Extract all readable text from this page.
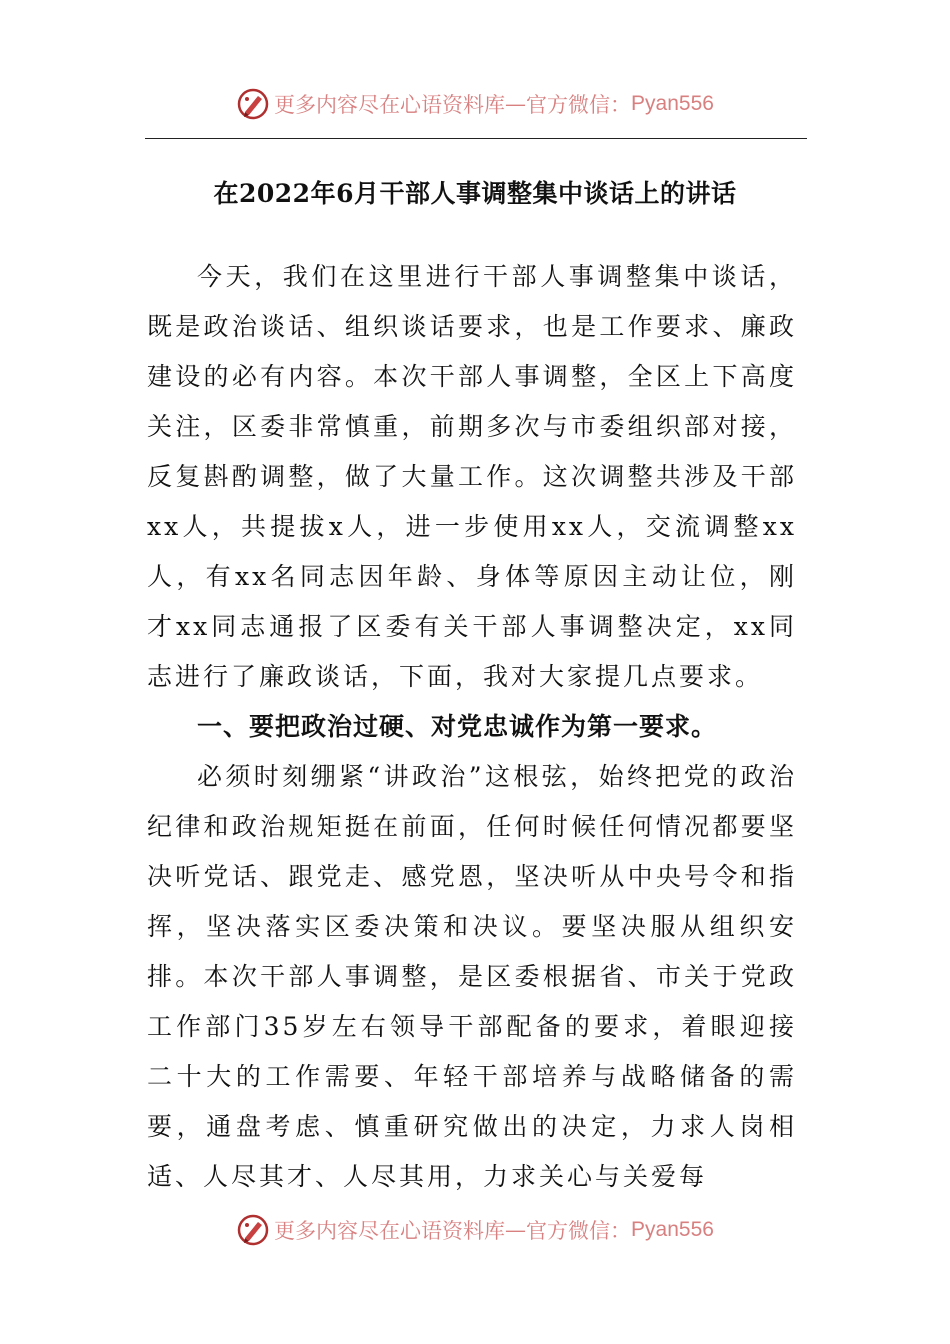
更多内容尽在心语资料库 — 官方微信： Pyan556
在2022年6月干部人事调整集中谈话上的讲话

今天，我们在这里进行干部人事调整集中谈话，既是政治谈话、组织谈话要求，也是工作要求、廉政建设的必有内容。本次干部人事调整，全区上下高度关注，区委非常慎重，前期多次与市委组织部对接，反复斟酌调整，做了大量工作。这次调整共涉及干部xx人，共提拔x人，进一步使用xx人，交流调整xx人，有xx名同志因年龄、身体等原因主动让位，刚才xx同志通报了区委有关干部人事调整决定，xx同志进行了廉政谈话，下面，我对大家提几点要求。

一、要把政治过硬、对党忠诚作为第一要求。

必须时刻绷紧“讲政治”这根弦，始终把党的政治纪律和政治规矩挺在前面，任何时候任何情况都要坚决听党话、跟党走、感党恩，坚决听从中央号令和指挥，坚决落实区委决策和决议。要坚决服从组织安排。本次干部人事调整，是区委根据省、市关于党政工作部门35岁左右领导干部配备的要求，着眼迎接二十大的工作需要、年轻干部培养与战略储备的需要，通盘考虑、慎重研究做出的决定，力求人岗相适、人尽其才、人尽其用，力求关心与关爱每

更多内容尽在心语资料库 — 官方微信： Pyan556
